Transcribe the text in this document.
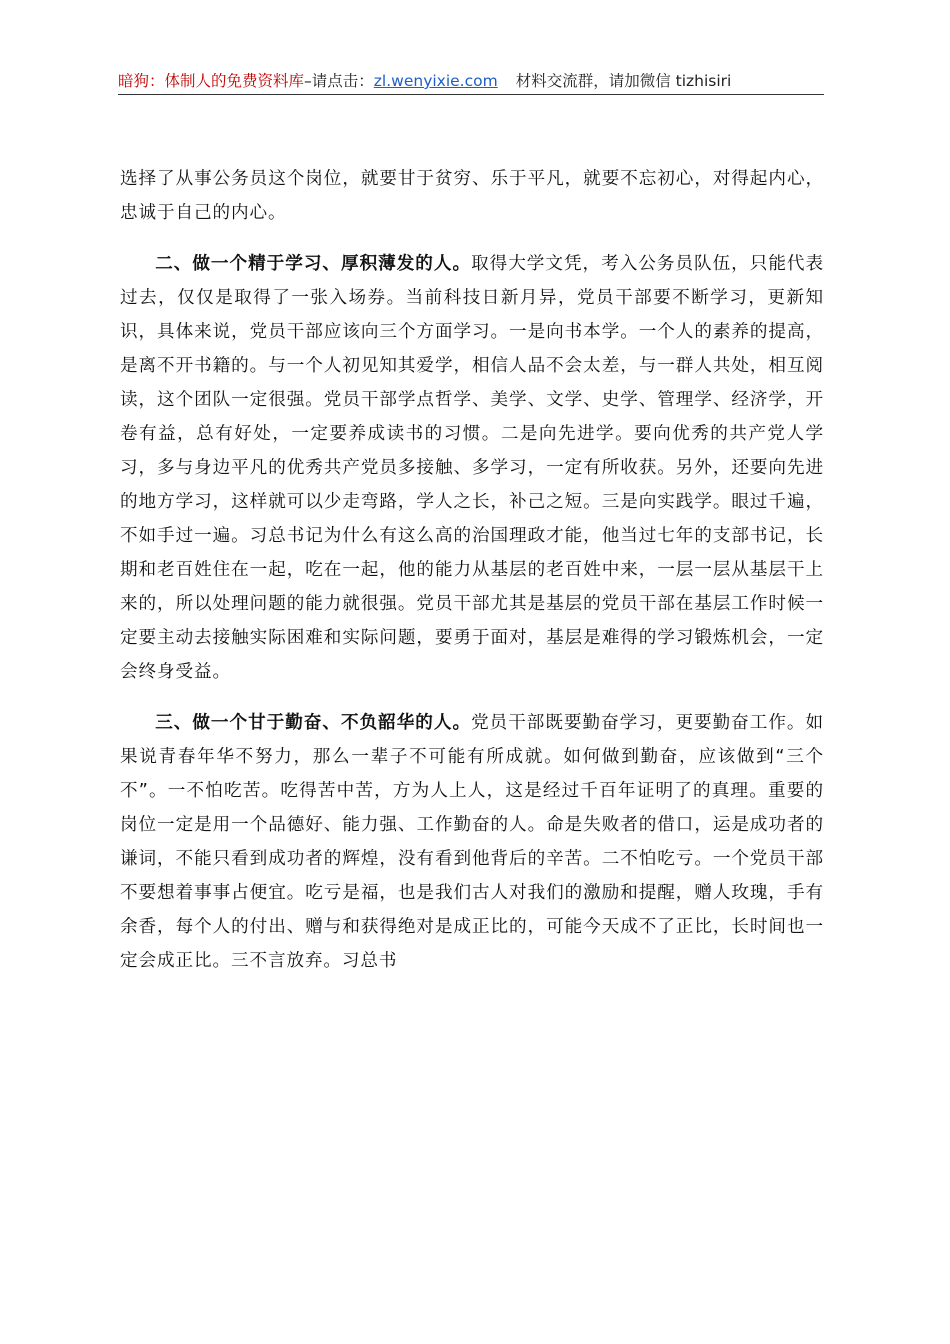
暗狗：体制人的免费资料库–请点击：zl.wenyixie.com 材料交流群，请加微信 tizhisiri

选择了从事公务员这个岗位，就要甘于贫穷、乐于平凡，就要不忘初心，对得起内心，忠诚于自己的内心。

二、做一个精于学习、厚积薄发的人。取得大学文凭，考入公务员队伍，只能代表过去，仅仅是取得了一张入场券。当前科技日新月异，党员干部要不断学习，更新知识，具体来说，党员干部应该向三个方面学习。一是向书本学。一个人的素养的提高，是离不开书籍的。与一个人初见知其爱学，相信人品不会太差，与一群人共处，相互阅读，这个团队一定很强。党员干部学点哲学、美学、文学、史学、管理学、经济学，开卷有益，总有好处，一定要养成读书的习惯。二是向先进学。要向优秀的共产党人学习，多与身边平凡的优秀共产党员多接触、多学习，一定有所收获。另外，还要向先进的地方学习，这样就可以少走弯路，学人之长，补己之短。三是向实践学。眼过千遍，不如手过一遍。习总书记为什么有这么高的治国理政才能，他当过七年的支部书记，长期和老百姓住在一起，吃在一起，他的能力从基层的老百姓中来，一层一层从基层干上来的，所以处理问题的能力就很强。党员干部尤其是基层的党员干部在基层工作时候一定要主动去接触实际困难和实际问题，要勇于面对，基层是难得的学习锻炼机会，一定会终身受益。

三、做一个甘于勤奋、不负韶华的人。党员干部既要勤奋学习，更要勤奋工作。如果说青春年华不努力，那么一辈子不可能有所成就。如何做到勤奋，应该做到“三个不”。一不怕吃苦。吃得苦中苦，方为人上人，这是经过千百年证明了的真理。重要的岗位一定是用一个品德好、能力强、工作勤奋的人。命是失败者的借口，运是成功者的谦词，不能只看到成功者的辉煌，没有看到他背后的辛苦。二不怕吃亏。一个党员干部不要想着事事占便宜。吃亏是福，也是我们古人对我们的激励和提醒，赠人玫瑰，手有余香，每个人的付出、赠与和获得绝对是成正比的，可能今天成不了正比，长时间也一定会成正比。三不言放弃。习总书
